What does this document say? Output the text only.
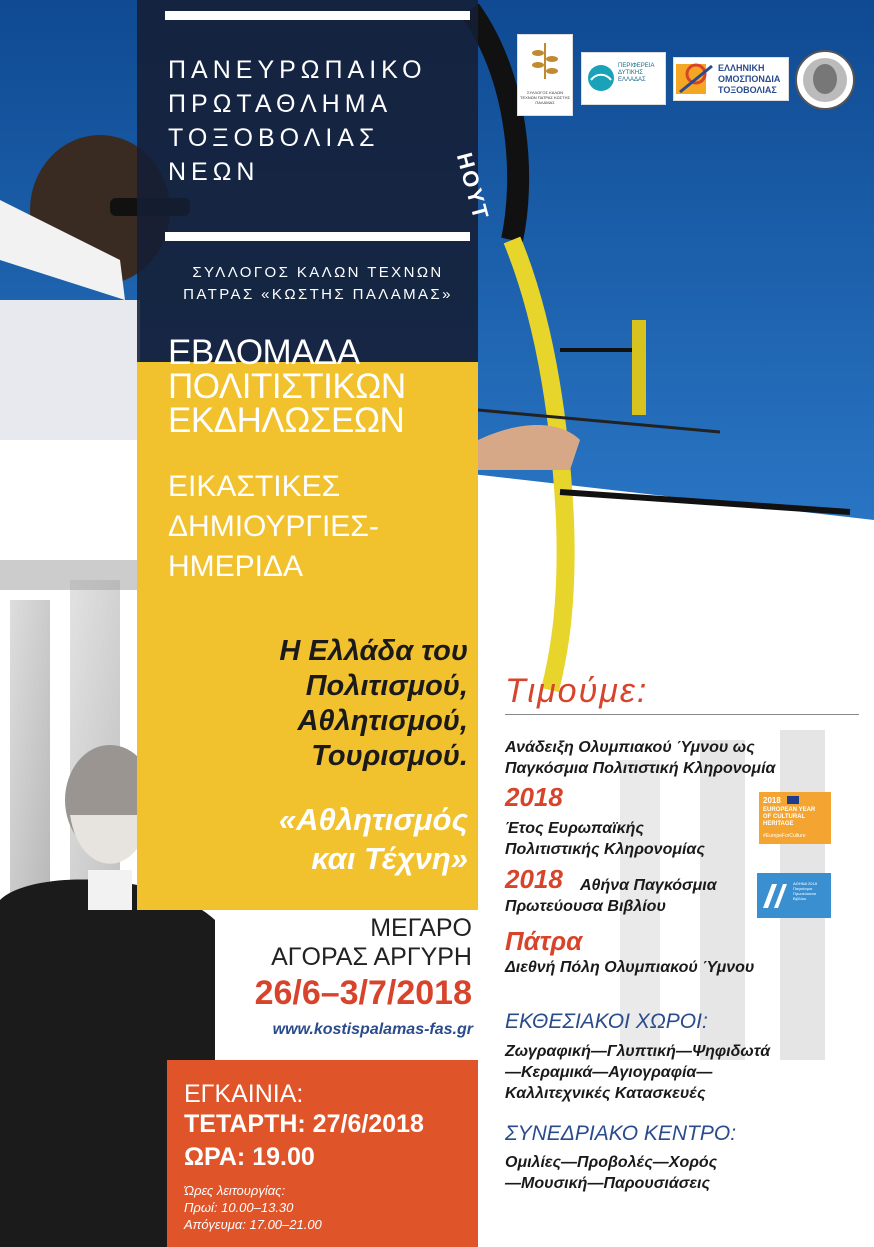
ΠΑΝΕΥΡΩΠΑΙΚΟ
ΠΡΩΤΑΘΛΗΜΑ
ΤΟΞΟΒΟΛΙΑΣ
ΝΕΩΝ
ΣΥΛΛΟΓΟΣ ΚΑΛΩΝ ΤΕΧΝΩΝ
ΠΑΤΡΑΣ «ΚΩΣΤΗΣ ΠΑΛΑΜΑΣ»
ΕΒΔΟΜΑΔΑ
ΠΟΛΙΤΙΣΤΙΚΩΝ
ΕΚΔΗΛΩΣΕΩΝ
ΕΙΚΑΣΤΙΚΕΣ
ΔΗΜΙΟΥΡΓΙΕΣ-
ΗΜΕΡΙΔΑ
Η Ελλάδα του
Πολιτισμού,
Αθλητισμού,
Τουρισμού.
«Αθλητισμός
και Τέχνη»
ΜΕΓΑΡΟ
ΑΓΟΡΑΣ ΑΡΓΥΡΗ
26/6–3/7/2018
www.kostispalamas-fas.gr
ΕΓΚΑΙΝΙΑ:
ΤΕΤΑΡΤΗ: 27/6/2018
ΩΡΑ: 19.00
Ώρες λειτουργίας:
Πρωί: 10.00–13.30
Απόγευμα: 17.00–21.00
Τιμούμε:
Ανάδειξη Ολυμπιακού Ύμνου ως
Παγκόσμια Πολιτιστική Κληρονομία
2018
Έτος Ευρωπαϊκής
Πολιτιστικής Κληρονομίας
2018 Αθήνα Παγκόσμια
Πρωτεύουσα Βιβλίου
Πάτρα
Διεθνή Πόλη Ολυμπιακού Ύμνου
ΕΚΘΕΣΙΑΚΟΙ ΧΩΡΟΙ:
Ζωγραφική—Γλυπτική—Ψηφιδωτά
—Κεραμικά—Αγιογραφία—
Καλλιτεχνικές Κατασκευές
ΣΥΝΕΔΡΙΑΚΟ ΚΕΝΤΡΟ:
Ομιλίες—Προβολές—Χορός
—Μουσική—Παρουσιάσεις
ΣΥΛΛΟΓΟΣ ΚΑΛΩΝ ΤΕΧΝΩΝ ΠΑΤΡΑΣ ΚΩΣΤΗΣ ΠΑΛΑΜΑΣ
ΠΕΡΙΦΕΡΕΙΑ
ΔΥΤΙΚΗΣ
ΕΛΛΑΔΑΣ
ΕΛΛΗΝΙΚΗ
ΟΜΟΣΠΟΝΔΙΑ
ΤΟΞΟΒΟΛΙΑΣ
2018
EUROPEAN YEAR
OF CULTURAL
HERITAGE
#EuropeForCulture
ΑΘΗΝΑ 2018
Παγκόσμια
Πρωτεύουσα
Βιβλίου
HOYT
